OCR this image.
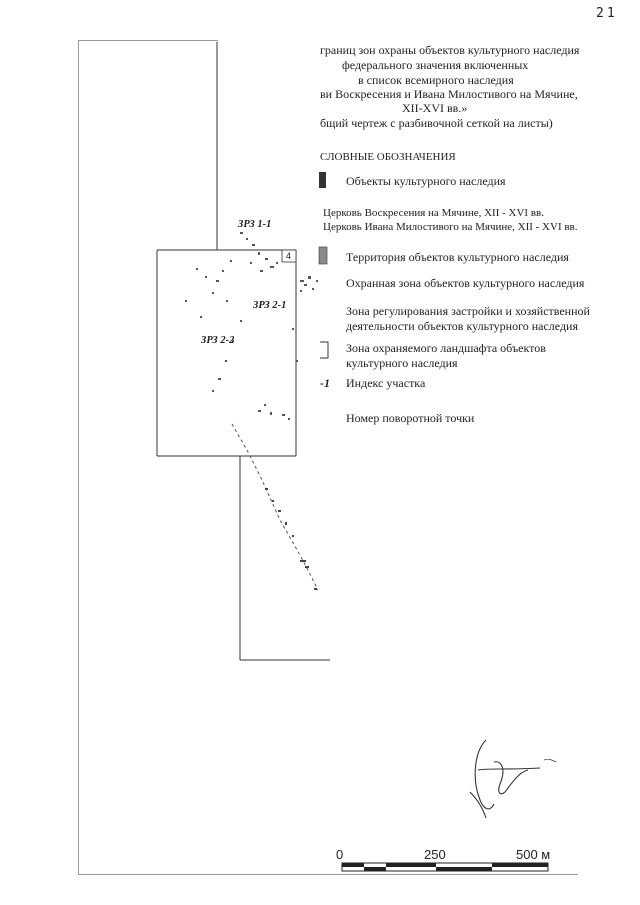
21
ЗРЗ 1-1
ЗРЗ 2-1
ЗРЗ 2-2
4
границ зон охраны объектов культурного наследия
федерального значения включенных
в список всемирного наследия
ви Воскресения и Ивана Милостивого на Мячине,
XII-XVI вв.»
бщий чертеж с разбивочной сеткой на листы)
СЛОВНЫЕ ОБОЗНАЧЕНИЯ
Объекты культурного наследия
Церковь Воскресения на Мячине, XII - XVI вв.
Церковь Ивана Милостивого на Мячине, XII - XVI вв.
Территория объектов культурного наследия
Охранная зона объектов культурного наследия
Зона регулирования застройки и хозяйственной
деятельности объектов культурного наследия
Зона охраняемого ландшафта объектов
культурного наследия
-1 Индекс участка
Номер поворотной точки
0	250	500 м
